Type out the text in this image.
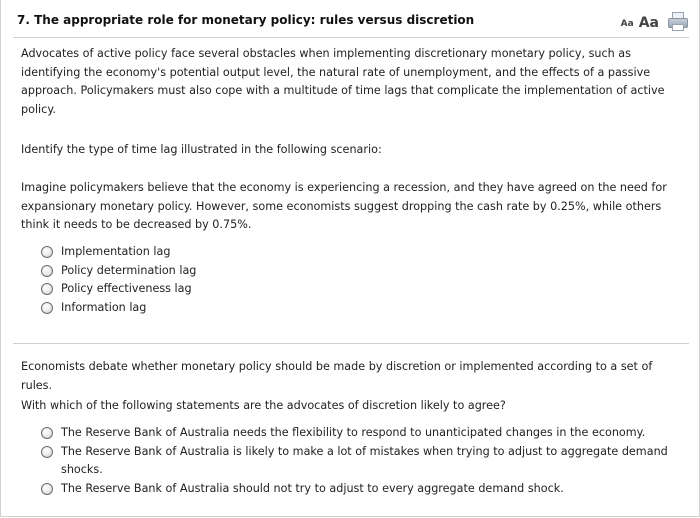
7. The appropriate role for monetary policy: rules versus discretion	Aa Aa
Advocates of active policy face several obstacles when implementing discretionary monetary policy, such as identifying the economy's potential output level, the natural rate of unemployment, and the effects of a passive approach. Policymakers must also cope with a multitude of time lags that complicate the implementation of active policy.
Identify the type of time lag illustrated in the following scenario:
Imagine policymakers believe that the economy is experiencing a recession, and they have agreed on the need for expansionary monetary policy. However, some economists suggest dropping the cash rate by 0.25%, while others think it needs to be decreased by 0.75%.
Implementation lag
Policy determination lag
Policy effectiveness lag
Information lag
Economists debate whether monetary policy should be made by discretion or implemented according to a set of rules.
With which of the following statements are the advocates of discretion likely to agree?
The Reserve Bank of Australia needs the flexibility to respond to unanticipated changes in the economy.
The Reserve Bank of Australia is likely to make a lot of mistakes when trying to adjust to aggregate demand shocks.
The Reserve Bank of Australia should not try to adjust to every aggregate demand shock.
